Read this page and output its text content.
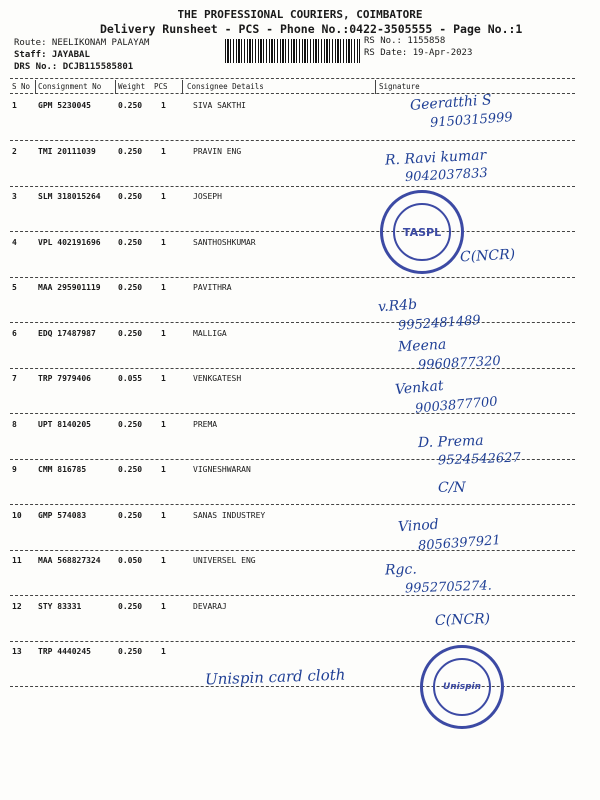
THE PROFESSIONAL COURIERS, COIMBATORE
Delivery Runsheet - PCS - Phone No.:0422-3505555 - Page No.:1
Route: NEELIKONAM PALAYAM
Staff: JAYABAL
DRS No.: DCJB115585801
RS No.: 1155858
RS Date: 19-Apr-2023
S No Consignment No Weight PCS	Consignee Details	Signature
1	GPM 5230045	0.250 1	SIVA SAKTHI	Geeratthi S
9150315999
2	TMI 20111039	0.250 1	PRAVIN ENG	R. Ravi kumar
9042037833
3	SLM 318015264 0.250 1	JOSEPH
4	VPL 402191696 0.250 1	SANTHOSHKUMAR
C(NCR)
5	MAA 295901119 0.250 1	PAVITHRA
v.R4b
9952481489
6	EDQ 17487987	0.250 1	MALLIGA
Meena
9960877320
7	TRP 7979406	0.055 1	VENKGATESH	Venkat
9003877700
8	UPT 8140205	0.250 1	PREMA
D. Prema
9524542627
9	CMM 816785	0.250 1	VIGNESHWARAN
C/N
10 GMP 574083	0.250 1	SANAS INDUSTREY
Vinod
8056397921
11 MAA 568827324 0.050 1	UNIVERSEL ENG
Rgc.
9952705274.
12 STY 83331	0.250 1	DEVARAJ
C(NCR)
13 TRP 4440245	0.250 1
Unispin card cloth
TASPL
Unispin
